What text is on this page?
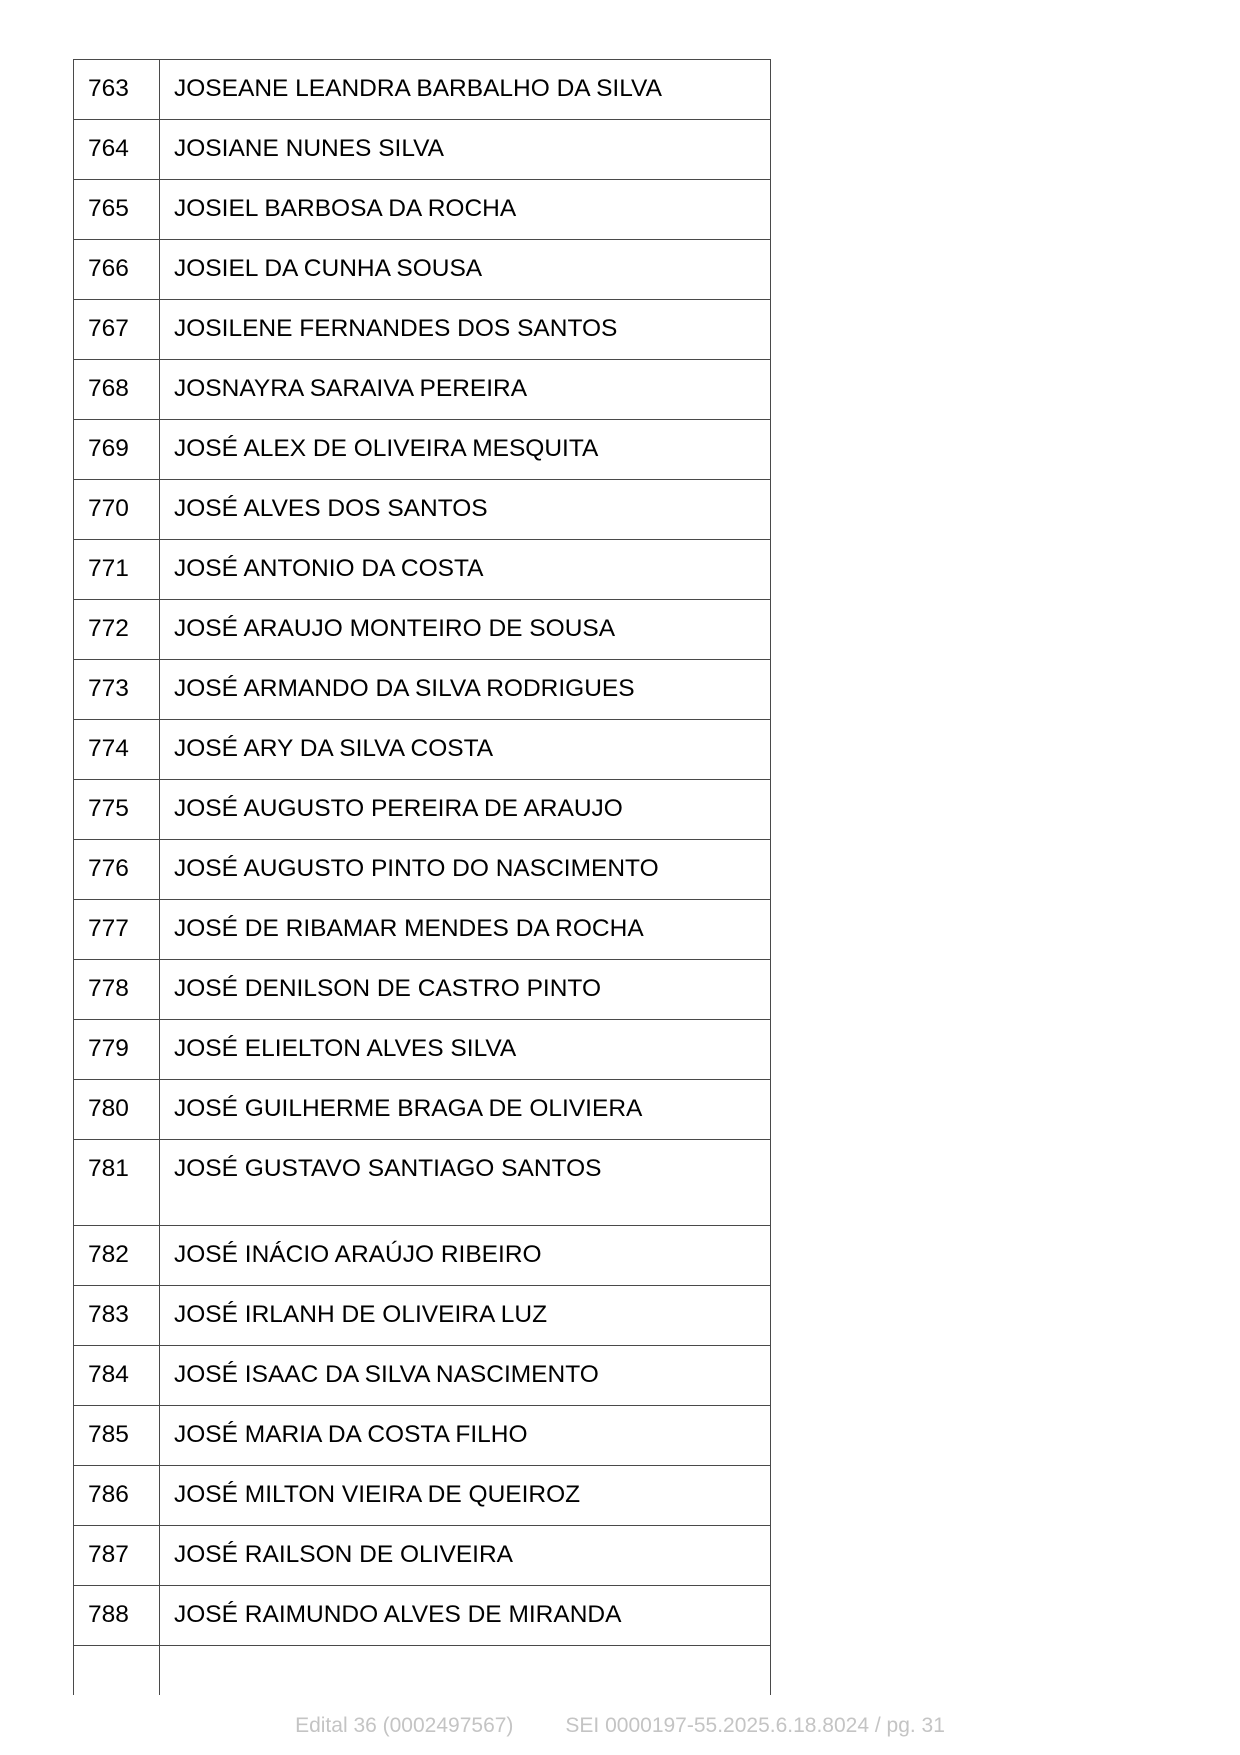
763	JOSEANE LEANDRA BARBALHO DA SILVA
764	JOSIANE NUNES SILVA
765	JOSIEL BARBOSA DA ROCHA
766	JOSIEL DA CUNHA SOUSA
767	JOSILENE FERNANDES DOS SANTOS
768	JOSNAYRA SARAIVA PEREIRA
769	JOSÉ ALEX DE OLIVEIRA MESQUITA
770	JOSÉ ALVES DOS SANTOS
771	JOSÉ ANTONIO DA COSTA
772	JOSÉ ARAUJO MONTEIRO DE SOUSA
773	JOSÉ ARMANDO DA SILVA RODRIGUES
774	JOSÉ ARY DA SILVA COSTA
775	JOSÉ AUGUSTO PEREIRA DE ARAUJO
776	JOSÉ AUGUSTO PINTO DO NASCIMENTO
777	JOSÉ DE RIBAMAR MENDES DA ROCHA
778	JOSÉ DENILSON DE CASTRO PINTO
779	JOSÉ ELIELTON ALVES SILVA
780	JOSÉ GUILHERME BRAGA DE OLIVIERA
781	JOSÉ GUSTAVO SANTIAGO SANTOS
782	JOSÉ INÁCIO ARAÚJO RIBEIRO
783	JOSÉ IRLANH DE OLIVEIRA LUZ
784	JOSÉ ISAAC DA SILVA NASCIMENTO
785	JOSÉ MARIA DA COSTA FILHO
786	JOSÉ MILTON VIEIRA DE QUEIROZ
787	JOSÉ RAILSON DE OLIVEIRA
788	JOSÉ RAIMUNDO ALVES DE MIRANDA

Edital 36 (0002497567) SEI 0000197-55.2025.6.18.8024 / pg. 31
